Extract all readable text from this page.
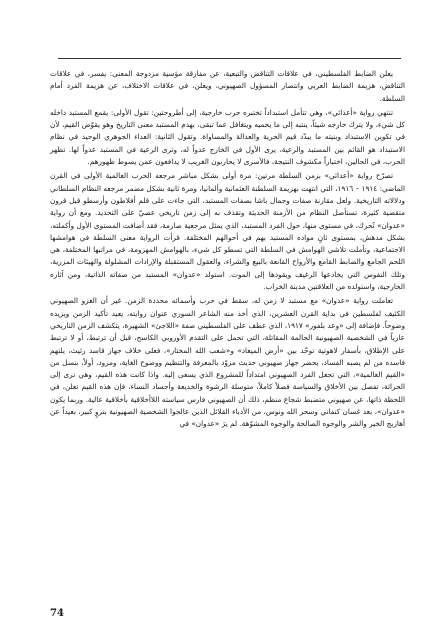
يعلن الضابط الفلسطيني، في علاقات التناقض والتبعية، عن مفارقة مؤسية مزدوجة المعنى: يفسر، في علاقات التناقض، هزيمة الضابط العربي وانتصار المسؤول الصهيوني، ويعلن، في علاقات الاختلاف، عن هزيمة الفرد أمام السلطة.

تنتهي رواية «أعدائي»، وهي تتأمل استبداداً تختبره حرب خارجية، إلى أطروحتين: تقول الأولى: يقمع المستبد داخله كل شيء، ولا يترك خارجه شيئاً، ينتبه إلى ما يحميه ويتغافل عما تبقى، بهدم المستبد معنى التاريخ وهو يقوّض القيم، لأن في تكوين الاستبداد وبنيته ما يبدّد قيم الحرية والعدالة والمساواة. وتقول الثانية: العداء الجوهري الوحيد في نظام الاستبداد هو القائم بين المستبد والرعية، يرى الأول في الخارج عدواً له، وترى الرعية في المستبد عدواً لها. تظهر الحرب، في الحالين، اختباراً مكشوف النتيجة، فالأسرى لا يحاربون الغريب لا يدافعون عمن يسوط ظهورهم.

تصرّح رواية «أعدائي» بزمن السلطة مرتين: مرة أولى بشكل مباشر مرجعه الحرب العالمية الأولى في القرن الماضي: ١٩١٤ – ١٩١٦، التي انتهت بهزيمة السلطنة العثمانية وألمانيا، ومرة ثانية بشكل مضمر مرجعه النظام السلطاني ودلالاته التاريخية. ولعل مقارنة صفات وجمال باشا بصفات المستبد، التي جاءت على قلم أفلاطون وأرسطو قبل قرون متقضية كثيرة، تستأصل النظام من الأزمنة الحديثة وتقذف به إلى زمن تاريخي عصيّ على التحديد. ومع أن رواية «عدوان» تُحرك، في مستوى منها، حول الفرد المستبد، الذي يمثل مرجعية صارمة، فقد أضافت المستوى الأول وأكملته، بشكل مدهش، بمستوى ثانٍ مواده المستبد بهم في أحوالهم المختلفة. قرأت الرواية معنى السلطة في هوامشها الاجتماعية، وتأملت تلاشي الهوامش في السلطة التي تسطو كل شيء، بالهوامش المهزومة، في مراتبها المختلفة، هي اللحم الجامع والضابط القامع والأرواح القانعة بالبيع والشراء، والعقول المستقبلة والإرادات المشلولة والهيئات المزرية، وتلك النفوس التي يخادعها الرغيف ويقودها إلى الموت. استولد «عدوان» المستبد من صفاته الذاتية، ومن آثاره الخارجية، واستولده من العلاقتين مدينة الخراب.

تعاملت رواية «عدوان» مع مستبد لا زمن له، سقط في حرب وأسمائه محددة الزمن. غير أن الغزو الصهيوني الكثيف لفلسطين في بداية القرن العشرين، الذي أخذ منه الشاعر السوري عنوان روايته، يعيد تأكيد الزمن ويزيده وضوحاً. فإضافة إلى «وعد بلفور» ١٩١٧، الذي عطف على الفلسطيني صفة «اللاجئ» الشهيرة، يتكشف الزمن التاريخي عارياً في الشخصية الصهيونية الحالمة المقاتلة، التي تحمل على التقدم الأوروبي الكاسح، قبل أن ترتبط، أو لا ترتبط على الإطلاق، بأسفار لاهوتية توحّد بين «أرض الميعاد» و«شعب الله المختار»، فعلى خلاف جهاز قاسد رئيث، يلتهم فاسده من لم يصبه الفساد، يحضر جهاز صهيوني حديث مزوّد بالمعرفة والتنظيم ووضوح الغاية، ومزود، أولاً، بنسل من «القيم العالمية»، التي تجعل الفرد الصهيوني امتداداً للمشروع الذي يسعى إليه. واذا كانت هذه القيم، وهي ترى إلى الحراثة، تفصل بين الأخلاق والسياسة فصلاً كاملاً، متوسلة الرشوة والخديعة وأجساد النساء، فإن هذه القيم تعلن، في اللحظة ذاتها، عن صهيوني متضبط شجاع منظم، ذلك أن الصهيوني فارس سياسته اللاأخلاقية بأخلاقية عالية. وربما يكون «عدوان»، بعد غسان كنفاني وسحر الله ونوس، من الأدباء القلائل الذين عالجوا الشخصية الصهيونية بتروٍ كبير، بعيداً عن أهازيج الخير والشر والوجوه الصالحة والوجوه المشوّهة. لم يرَ «عدوان» في

74
